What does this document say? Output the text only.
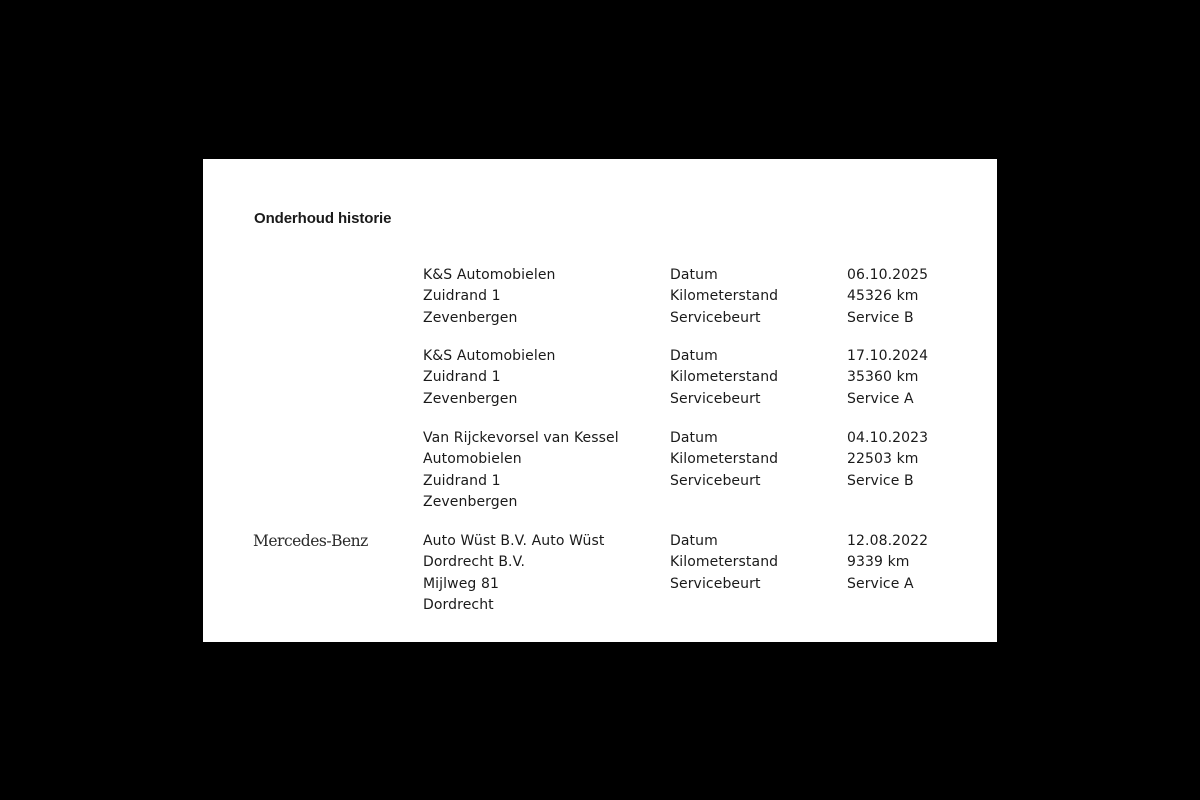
Onderhoud historie
K&S Automobielen
Zuidrand 1
Zevenbergen
Datum
Kilometerstand
Servicebeurt
06.10.2025
45326 km
Service B
K&S Automobielen
Zuidrand 1
Zevenbergen
Datum
Kilometerstand
Servicebeurt
17.10.2024
35360 km
Service A
Van Rijckevorsel van Kessel
Automobielen
Zuidrand 1
Zevenbergen
Datum
Kilometerstand
Servicebeurt
04.10.2023
22503 km
Service B
Mercedes-Benz	Auto Wüst B.V. Auto Wüst
Dordrecht B.V.
Mijlweg 81
Dordrecht
Datum
Kilometerstand
Servicebeurt
12.08.2022
9339 km
Service A
